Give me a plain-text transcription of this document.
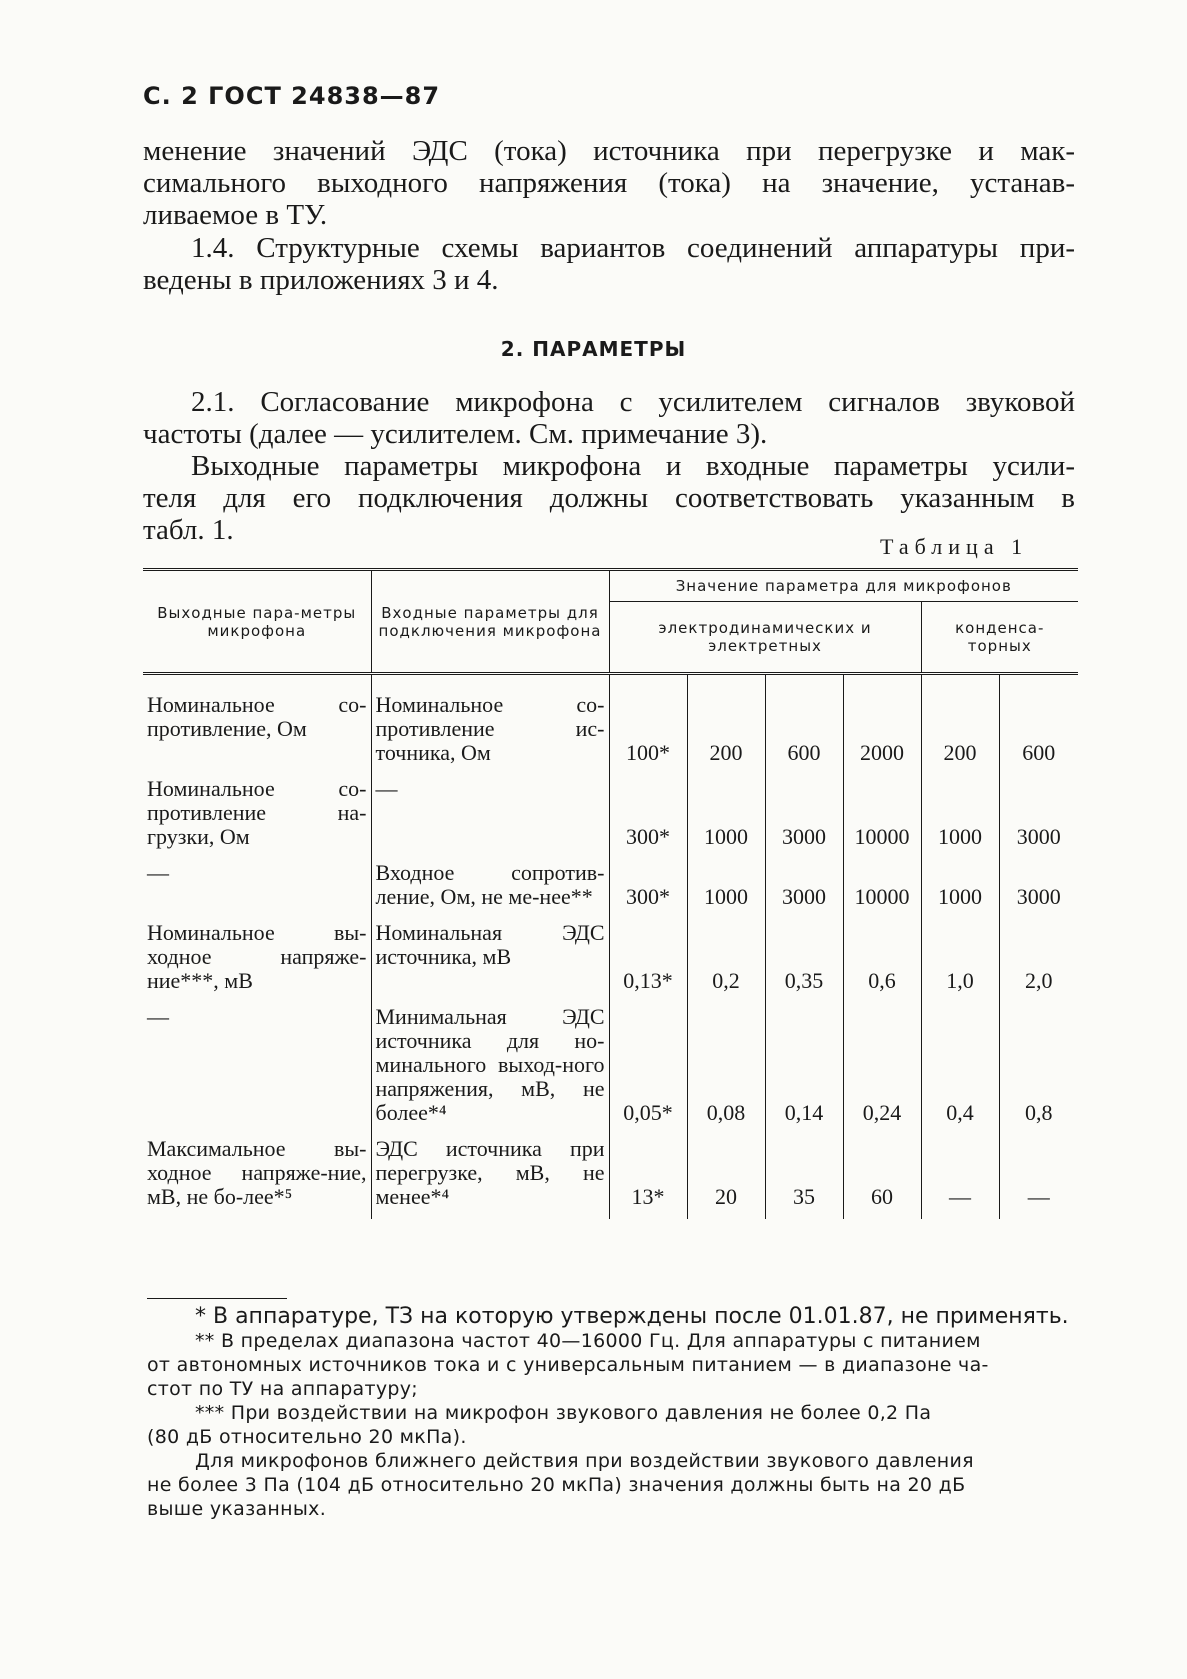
С. 2 ГОСТ 24838—87

менение значений ЭДС (тока) источника при перегрузке и мак-
симального выходного напряжения (тока) на значение, устанав-
ливаемое в ТУ.

1.4. Структурные схемы вариантов соединений аппаратуры при-
ведены в приложениях 3 и 4.

2. ПАРАМЕТРЫ

2.1. Согласование микрофона с усилителем сигналов звуковой
частоты (далее — усилителем. См. примечание 3).
Выходные параметры микрофона и входные параметры усили-
теля для его подключения должны соответствовать указанным в
табл. 1.

Таблица 1
Выходные пара-метры микрофона	Входные параметры для подключения микрофона	Значение параметра для микрофонов					
		электродинамических и электретных				конденса-торных	
Номинальное со-противление, Ом	Номинальное со-противление ис-точника, Ом	100*	200	600	2000	200	600
Номинальное со-противление на-грузки, Ом	—	300*	1000	3000	10000	1000	3000
—	Входное сопротив-ление, Ом, не ме-нее**	300*	1000	3000	10000	1000	3000
Номинальное вы-ходное напряже-ние***, мВ	Номинальная ЭДС источника, мВ	0,13*	0,2	0,35	0,6	1,0	2,0
—	Минимальная ЭДС источника для но-минального выход-ного напряжения, мВ, не более*⁴	0,05*	0,08	0,14	0,24	0,4	0,8
Максимальное вы-ходное напряже-ние, мВ, не бо-лее*⁵	ЭДС источника при перегрузке, мВ, не менее*⁴	13*	20	35	60	—	—
* В аппаратуре, ТЗ на которую утверждены после 01.01.87, не применять.
** В пределах диапазона частот 40—16000 Гц. Для аппаратуры с питанием
от автономных источников тока и с универсальным питанием — в диапазоне ча-
стот по ТУ на аппаратуру;
*** При воздействии на микрофон звукового давления не более 0,2 Па
(80 дБ относительно 20 мкПа).
Для микрофонов ближнего действия при воздействии звукового давления
не более 3 Па (104 дБ относительно 20 мкПа) значения должны быть на 20 дБ
выше указанных.
